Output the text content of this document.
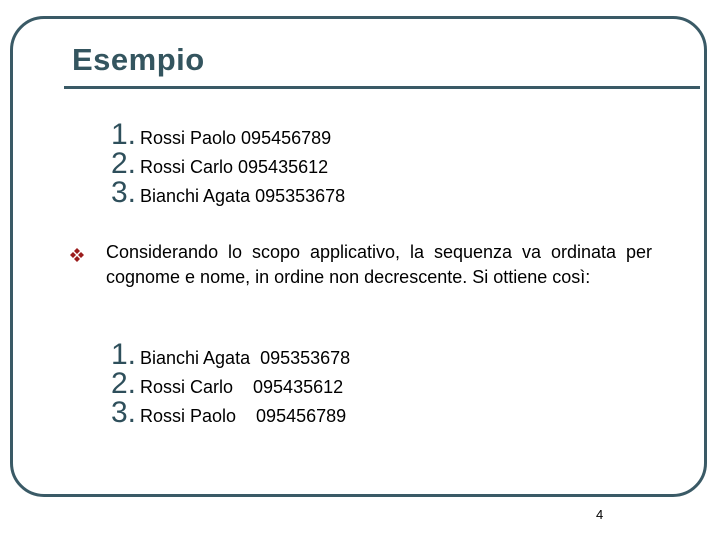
Esempio
1. Rossi Paolo 095456789
2. Rossi Carlo 095435612
3. Bianchi Agata 095353678
Considerando lo scopo applicativo, la sequenza va ordinata per cognome e nome, in ordine non decrescente. Si ottiene così:
1. Bianchi Agata  095353678
2. Rossi Carlo    095435612
3. Rossi Paolo    095456789
4
